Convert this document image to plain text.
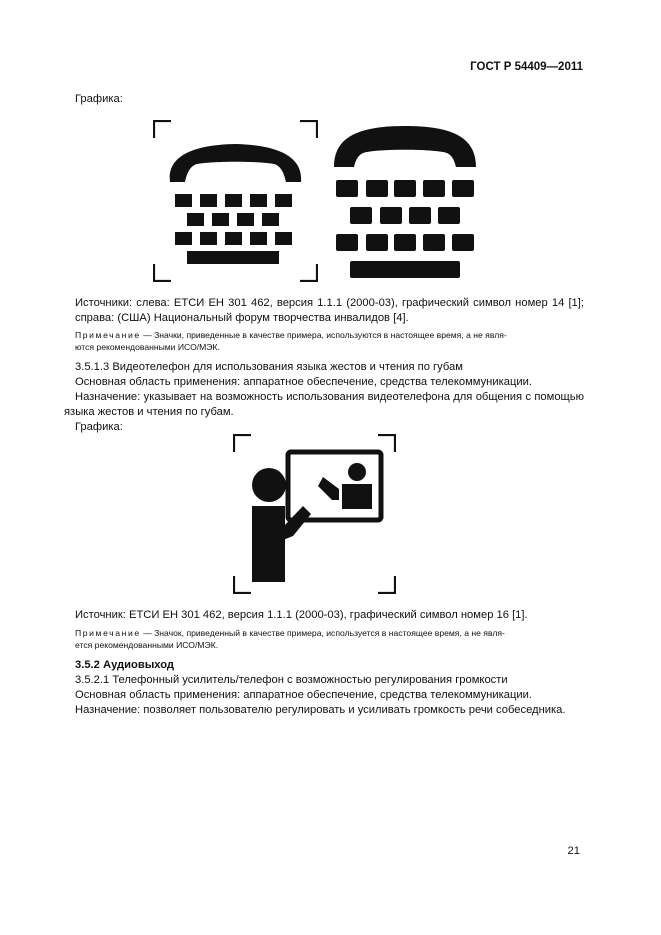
ГОСТ Р 54409—2011
Графика:
Источники: слева: ЕТСИ ЕН 301 462, версия 1.1.1 (2000-03), графический символ номер 14 [1];
справа: (США) Национальный форум творчества инвалидов [4].
Примечание — Значки, приведенные в качестве примера, используются в настоящее время, а не явля-
ются рекомендованными ИСО/МЭК.
3.5.1.3 Видеотелефон для использования языка жестов и чтения по губам
Основная область применения: аппаратное обеспечение, средства телекоммуникации.
Назначение: указывает на возможность использования видеотелефона для общения с помощью
языка жестов и чтения по губам.
Графика:
Источник: ЕТСИ ЕН 301 462, версия 1.1.1 (2000-03), графический символ номер 16 [1].
Примечание — Значок, приведенный в качестве примера, используется в настоящее время, а не явля-
ется рекомендованными ИСО/МЭК.
3.5.2 Аудиовыход
3.5.2.1 Телефонный усилитель/телефон с возможностью регулирования громкости
Основная область применения: аппаратное обеспечение, средства телекоммуникации.
Назначение: позволяет пользователю регулировать и усиливать громкость речи собеседника.
21
